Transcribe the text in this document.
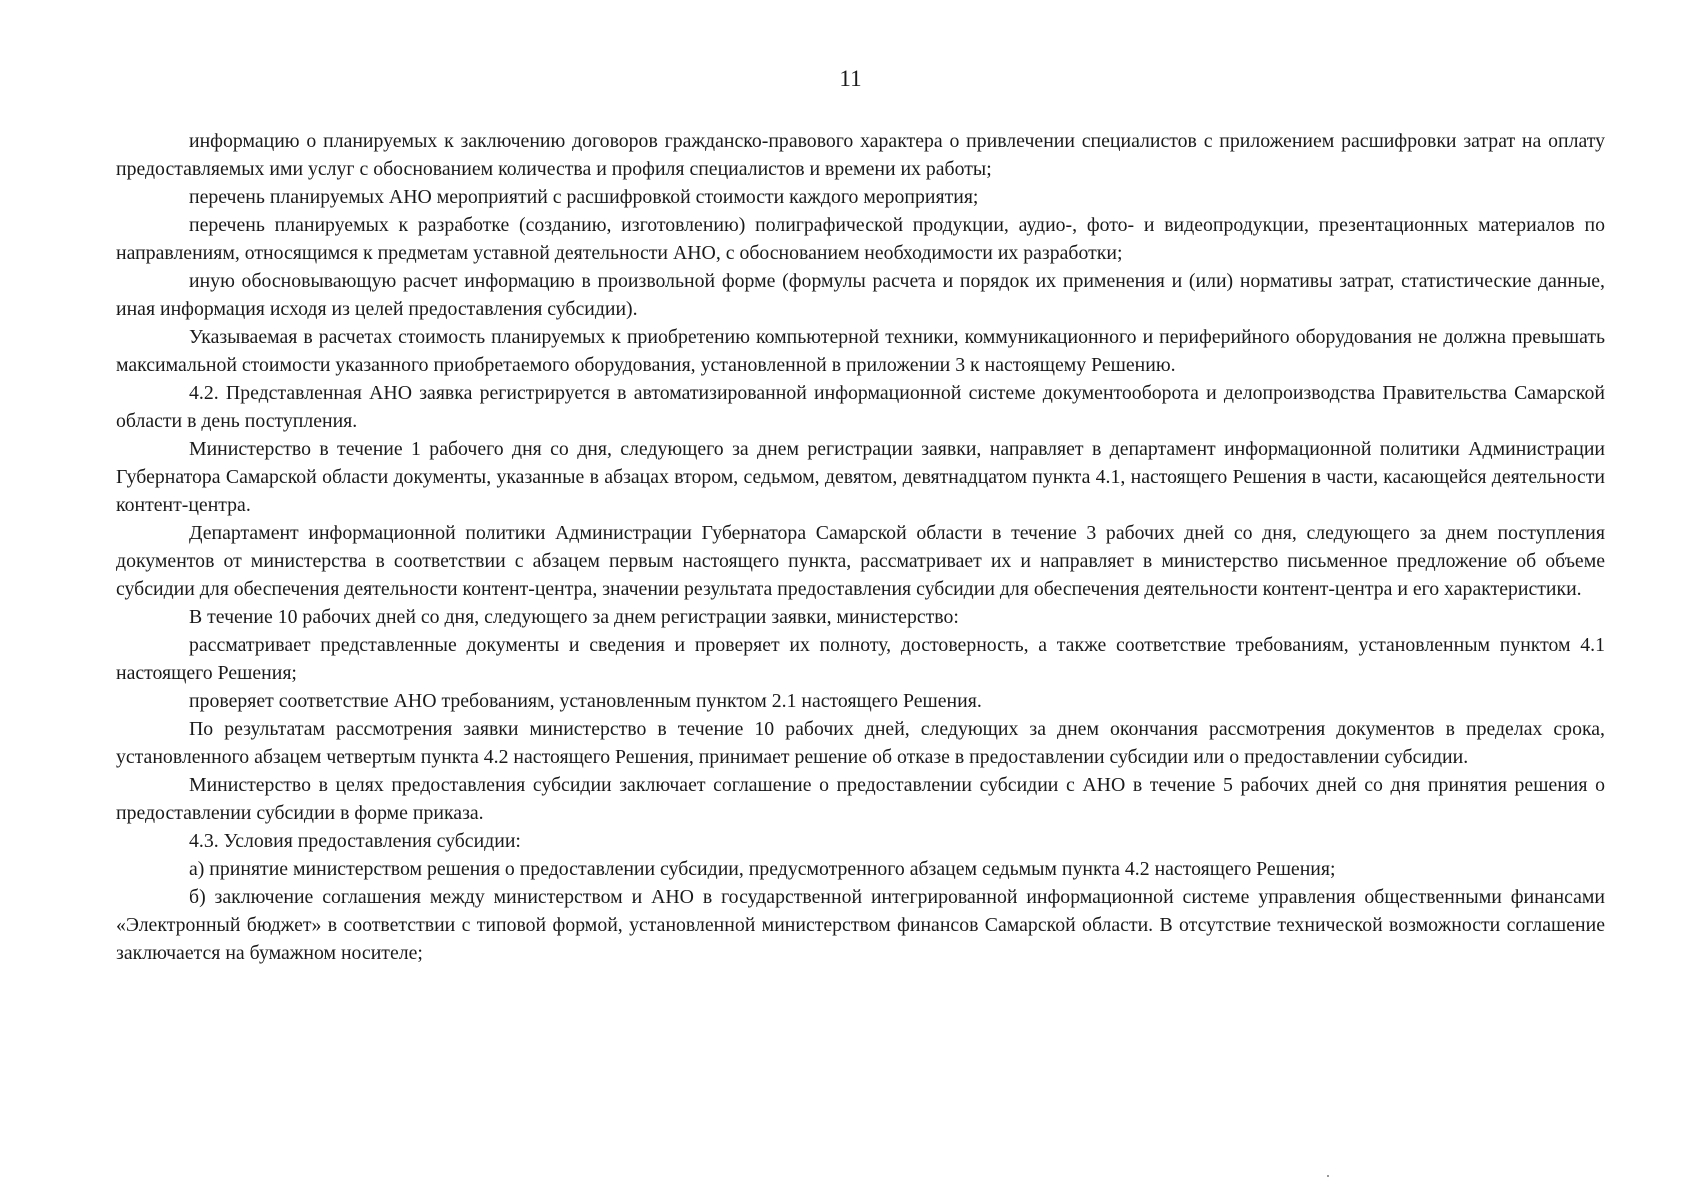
11

информацию о планируемых к заключению договоров гражданско-правового характера о привлечении специалистов с приложением расшифровки затрат на оплату предоставляемых ими услуг с обоснованием количества и профиля специалистов и времени их работы;

перечень планируемых АНО мероприятий с расшифровкой стоимости каждого мероприятия;

перечень планируемых к разработке (созданию, изготовлению) полиграфической продукции, аудио-, фото- и видеопродукции, презентационных материалов по направлениям, относящимся к предметам уставной деятельности АНО, с обоснованием необходимости их разработки;

иную обосновывающую расчет информацию в произвольной форме (формулы расчета и порядок их применения и (или) нормативы затрат, статистические данные, иная информация исходя из целей предоставления субсидии).

Указываемая в расчетах стоимость планируемых к приобретению компьютерной техники, коммуникационного и периферийного оборудования не должна превышать максимальной стоимости указанного приобретаемого оборудования, установленной в приложении 3 к настоящему Решению.

4.2. Представленная АНО заявка регистрируется в автоматизированной информационной системе документооборота и делопроизводства Правительства Самарской области в день поступления.

Министерство в течение 1 рабочего дня со дня, следующего за днем регистрации заявки, направляет в департамент информационной политики Администрации Губернатора Самарской области документы, указанные в абзацах втором, седьмом, девятом, девятнадцатом пункта 4.1, настоящего Решения в части, касающейся деятельности контент-центра.

Департамент информационной политики Администрации Губернатора Самарской области в течение 3 рабочих дней со дня, следующего за днем поступления документов от министерства в соответствии с абзацем первым настоящего пункта, рассматривает их и направляет в министерство письменное предложение об объеме субсидии для обеспечения деятельности контент-центра, значении результата предоставления субсидии для обеспечения деятельности контент-центра и его характеристики.

В течение 10 рабочих дней со дня, следующего за днем регистрации заявки, министерство:

рассматривает представленные документы и сведения и проверяет их полноту, достоверность, а также соответствие требованиям, установленным пунктом 4.1 настоящего Решения;

проверяет соответствие АНО требованиям, установленным пунктом 2.1 настоящего Решения.

По результатам рассмотрения заявки министерство в течение 10 рабочих дней, следующих за днем окончания рассмотрения документов в пределах срока, установленного абзацем четвертым пункта 4.2 настоящего Решения, принимает решение об отказе в предоставлении субсидии или о предоставлении субсидии.

Министерство в целях предоставления субсидии заключает соглашение о предоставлении субсидии с АНО в течение 5 рабочих дней со дня принятия решения о предоставлении субсидии в форме приказа.

4.3. Условия предоставления субсидии:

а) принятие министерством решения о предоставлении субсидии, предусмотренного абзацем седьмым пункта 4.2 настоящего Решения;

б) заключение соглашения между министерством и АНО в государственной интегрированной информационной системе управления общественными финансами «Электронный бюджет» в соответствии с типовой формой, установленной министерством финансов Самарской области. В отсутствие технической возможности соглашение заключается на бумажном носителе;
